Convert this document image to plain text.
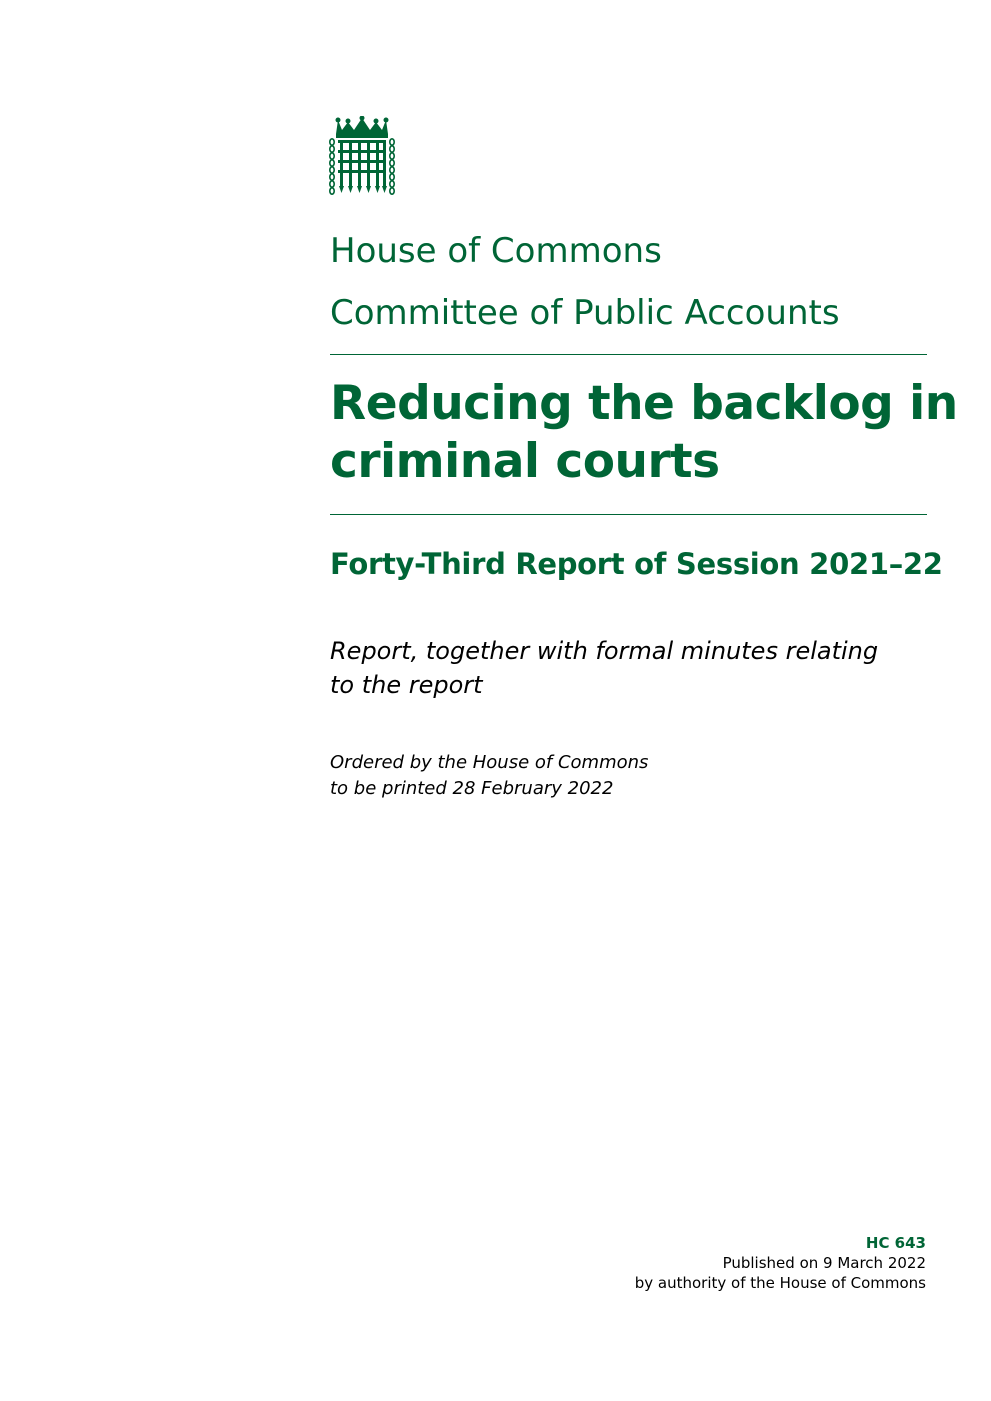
House of Commons
Committee of Public Accounts
Reducing the backlog in
criminal courts
Forty-Third Report of Session 2021–22

Report, together with formal minutes relating
to the report

Ordered by the House of Commons
to be printed 28 February 2022

HC 643
Published on 9 March 2022
by authority of the House of Commons
